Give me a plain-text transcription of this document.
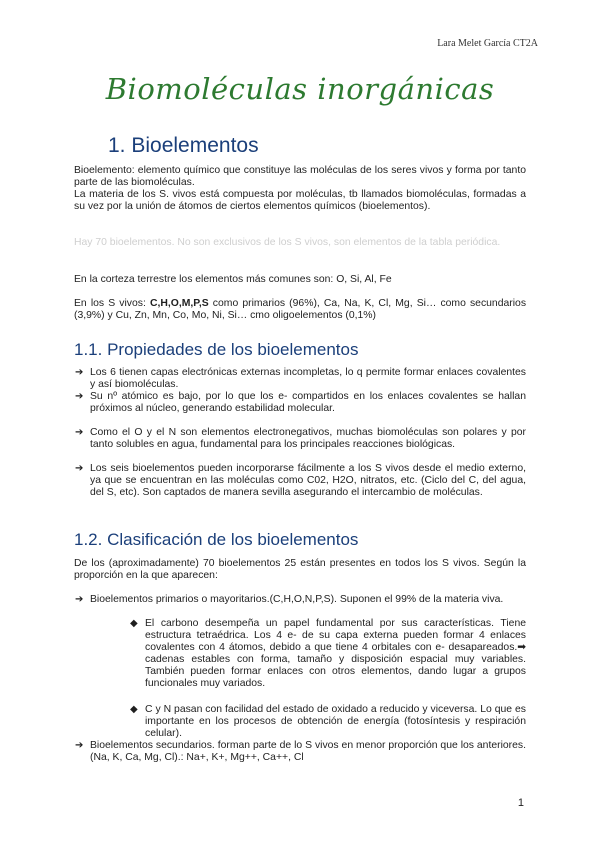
Lara Melet García CT2A
Biomoléculas inorgánicas
1. Bioelementos

Bioelemento: elemento químico que constituye las moléculas de los seres vivos y forma por tanto parte de las biomoléculas.

La materia de los S. vivos está compuesta por moléculas, tb llamados biomoléculas, formadas a su vez por la unión de átomos de ciertos elementos químicos (bioelementos).

Hay 70 bioelementos. No son exclusivos de los S vivos, son elementos de la tabla periódica.

En la corteza terrestre los elementos más comunes son: O, Si, Al, Fe

En los S vivos: C,H,O,M,P,S como primarios (96%), Ca, Na, K, Cl, Mg, Si… como secundarios (3,9%) y Cu, Zn, Mn, Co, Mo, Ni, Si… cmo oligoelementos (0,1%)

1.1. Propiedades de los bioelementos
➔ Los 6 tienen capas electrónicas externas incompletas, lo q permite formar enlaces covalentes y así biomoléculas.
➔ Su nº atómico es bajo, por lo que los e- compartidos en los enlaces covalentes se hallan próximos al núcleo, generando estabilidad molecular.
➔ Como el O y el N son elementos electronegativos, muchas biomoléculas son polares y por tanto solubles en agua, fundamental para los principales reacciones biológicas.
➔ Los seis bioelementos pueden incorporarse fácilmente a los S vivos desde el medio externo, ya que se encuentran en las moléculas como C02, H2O, nitratos, etc. (Ciclo del C, del agua, del S, etc). Son captados de manera sevilla asegurando el intercambio de moléculas.
1.2. Clasificación de los bioelementos

De los (aproximadamente) 70 bioelementos 25 están presentes en todos los S vivos. Según la proporción en la que aparecen:

➔ Bioelementos primarios o mayoritarios.(C,H,O,N,P,S). Suponen el 99% de la materia viva.
◆ El carbono desempeña un papel fundamental por sus características. Tiene estructura tetraédrica. Los 4 e- de su capa externa pueden formar 4 enlaces covalentes con 4 átomos, debido a que tiene 4 orbitales con e- desapareados.➡ cadenas estables con forma, tamaño y disposición espacial muy variables. También pueden formar enlaces con otros elementos, dando lugar a grupos funcionales muy variados.
◆ C y N pasan con facilidad del estado de oxidado a reducido y viceversa. Lo que es importante en los procesos de obtención de energía (fotosíntesis y respiración celular).
➔ Bioelementos secundarios. forman parte de lo S vivos en menor proporción que los anteriores. (Na, K, Ca, Mg, Cl).: Na+, K+, Mg++, Ca++, Cl
1
